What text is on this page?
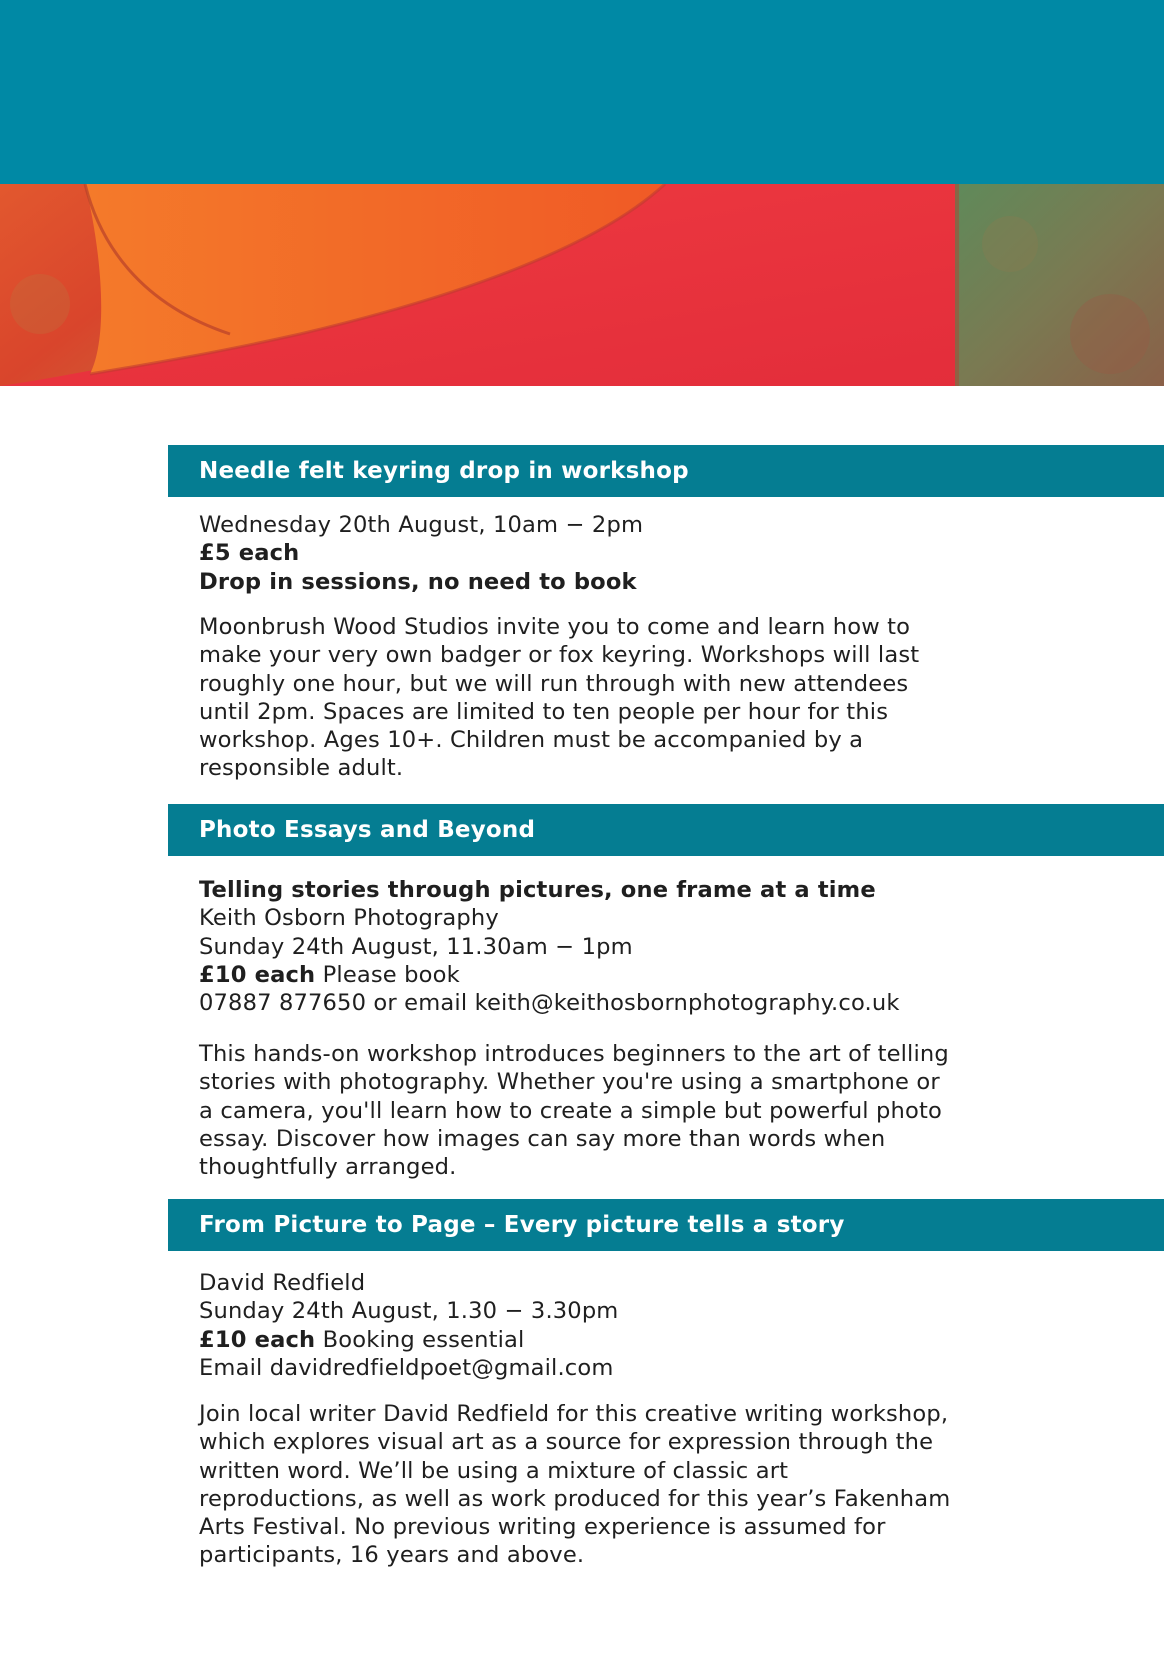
Needle felt keyring drop in workshop

Wednesday 20th August, 10am − 2pm

£5 each

Drop in sessions, no need to book

Moonbrush Wood Studios invite you to come and learn how to

make your very own badger or fox keyring. Workshops will last

roughly one hour, but we will run through with new attendees

until 2pm. Spaces are limited to ten people per hour for this

workshop. Ages 10+. Children must be accompanied by a

responsible adult.

Photo Essays and Beyond

Telling stories through pictures, one frame at a time

Keith Osborn Photography

Sunday 24th August, 11.30am − 1pm

£10 each Please book

07887 877650 or email keith@keithosbornphotography.co.uk

This hands-on workshop introduces beginners to the art of telling

stories with photography. Whether you're using a smartphone or

a camera, you'll learn how to create a simple but powerful photo

essay. Discover how images can say more than words when

thoughtfully arranged.

From Picture to Page – Every picture tells a story

David Redfield

Sunday 24th August, 1.30 − 3.30pm

£10 each Booking essential

Email davidredfieldpoet@gmail.com

Join local writer David Redfield for this creative writing workshop,

which explores visual art as a source for expression through the

written word. We’ll be using a mixture of classic art

reproductions, as well as work produced for this year’s Fakenham

Arts Festival. No previous writing experience is assumed for

participants, 16 years and above.
